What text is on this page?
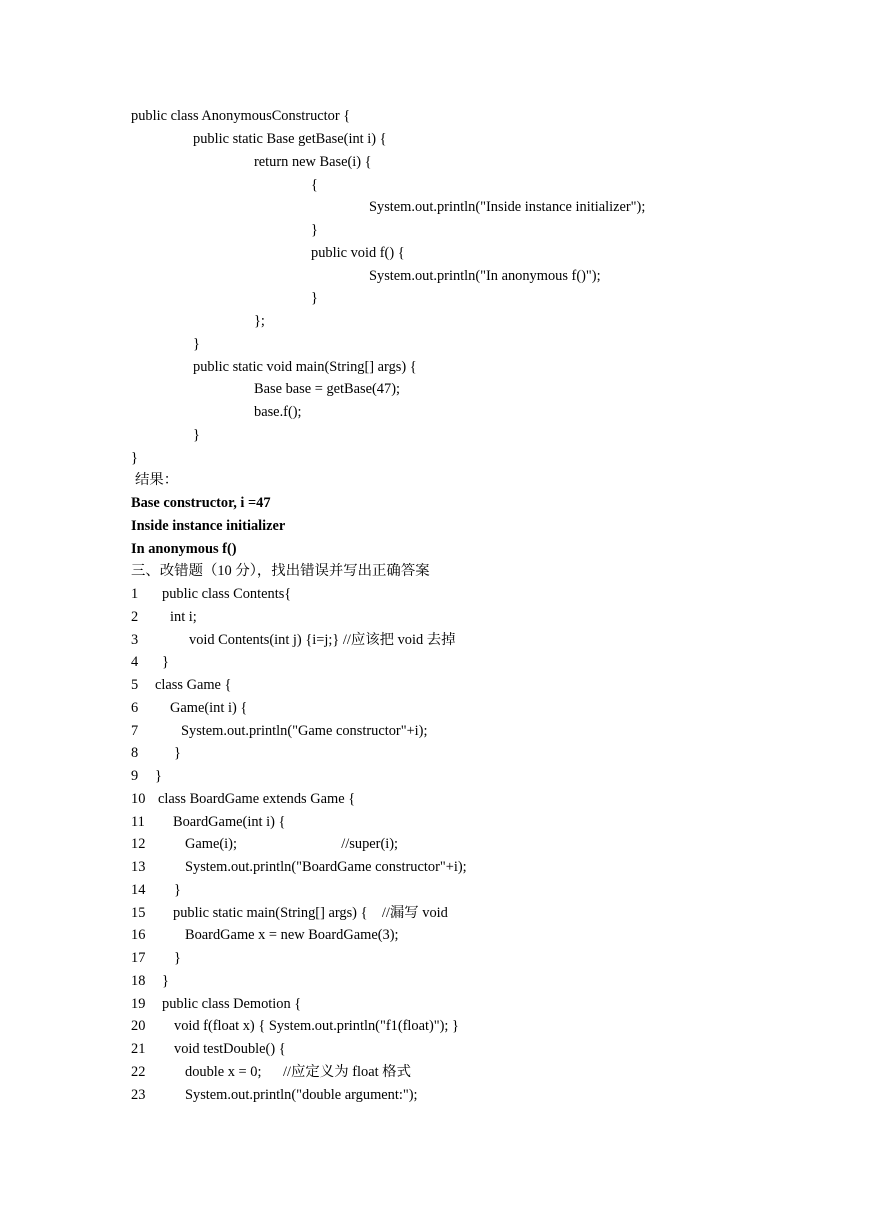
public class AnonymousConstructor {
public static Base getBase(int i) {
return new Base(i) {
{
System.out.println("Inside instance initializer");
}
public void f() {
System.out.println("In anonymous f()");
}
};
}
public static void main(String[] args) {
Base base = getBase(47);
base.f();
}
}
结果：
Base constructor, i =47
Inside instance initializer
In anonymous f()
三、改错题（10 分），找出错误并写出正确答案
1 public class Contents{
2 int i;
3	void Contents(int j) {i=j;} //应该把 void 去掉
4 }
5 class Game {
6 Game(int i) {
7	System.out.println("Game constructor"+i);
8 }
9 }
10 class BoardGame extends Game {
11 BoardGame(int i) {
12	Game(i);                             //super(i);
13	System.out.println("BoardGame constructor"+i);
14 }
15 public static main(String[] args) {    //漏写 void
16	BoardGame x = new BoardGame(3);
17 }
18 }
19 public class Demotion {
20 void f(float x) { System.out.println("f1(float)"); }
21 void testDouble() {
22	double x = 0;      //应定义为 float 格式
23	System.out.println("double argument:");
